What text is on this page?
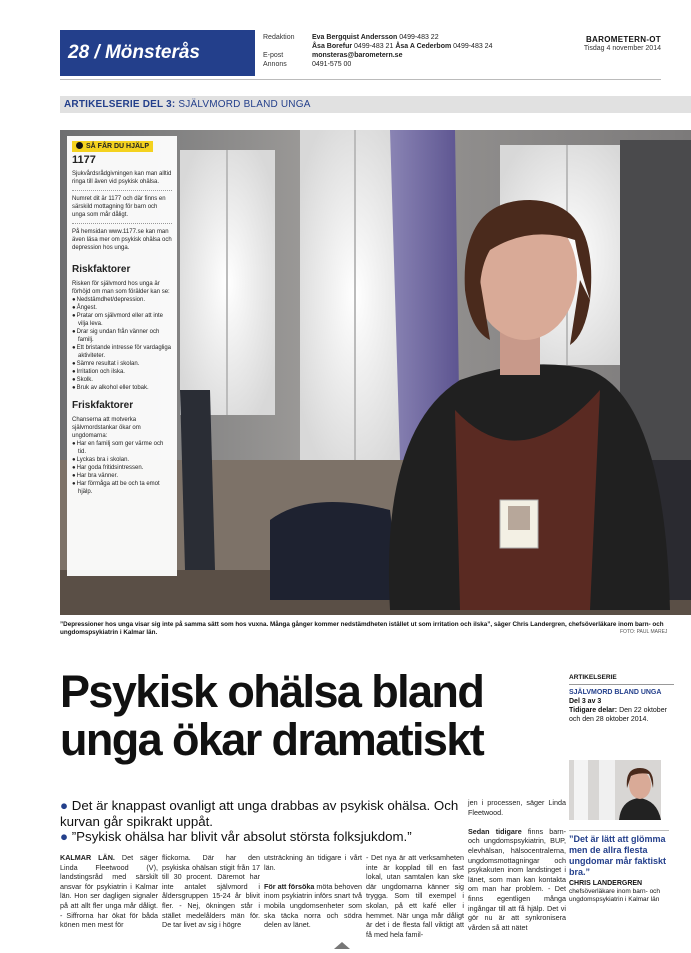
28 / Mönsterås
Redaktion

E-post
Annons
Eva Bergquist Andersson 0499-483 22
Åsa Borefur 0499-483 21 Åsa A Cederbom 0499-483 24
monsteras@barometern.se
0491-575 00
BAROMETERN-OT
Tisdag 4 november 2014
ARTIKELSERIE DEL 3: SJÄLVMORD BLAND UNGA
SÅ FÅR DU HJÄLP
1177

Sjukvårdsrådgivningen kan man alltid ringa till även vid psykisk ohälsa.

Numret dit är 1177 och där finns en särskild mottagning för barn och unga som mår dåligt.

På hemsidan www.1177.se kan man även läsa mer om psykisk ohälsa och depression hos unga.

Riskfaktorer
Risken för självmord hos unga är förhöjd om man som förälder kan se:
● Nedstämdhet/depression.
● Ångest.
● Pratar om självmord eller att inte vilja leva.
● Drar sig undan från vänner och familj.
● Ett bristande intresse för vardagliga aktiviteter.
● Sämre resultat i skolan.
● Irritation och ilska.
● Skolk.
● Bruk av alkohol eller tobak.
Friskfaktorer
Chanserna att motverka självmordstankar ökar om ungdomarna:
● Har en familj som ger värme och tid.
● Lyckas bra i skolan.
● Har goda fritidsintressen.
● Har bra vänner.
● Har förmåga att be och ta emot hjälp.
”Depressioner hos unga visar sig inte på samma sätt som hos vuxna. Många gånger kommer nedstämdheten istället ut som irritation och ilska”, säger Chris Landergren, chefsöverläkare inom barn- och ungdomspsykiatrin i Kalmar län.	FOTO: PAUL MAREJ
Psykisk ohälsa bland unga ökar dramatiskt
ARTIKELSERIE
SJÄLVMORD BLAND UNGA
Del 3 av 3
Tidigare delar: Den 22 oktober och den 28 oktober 2014.
”Det är lätt att glömma men de allra flesta ungdomar mår faktiskt bra.”
CHRIS LANDERGREN
chefsöverläkare inom barn- och ungdomspsykiatrin i Kalmar län
● Det är knappast ovanligt att unga drabbas av psykisk ohälsa. Och kurvan går spikrakt uppåt.
● ”Psykisk ohälsa har blivit vår absolut största folksjukdom.”
KALMAR LÄN. Det säger Linda Fleetwood (V), landstingsråd med särskilt ansvar för psykiatrin i Kalmar län. Hon ser dagligen signaler på att allt fler unga mår dåligt. - Siffrorna har ökat för båda könen men mest för
flickorna. Där har den psykiska ohälsan stigit från 17 till 30 procent. Däremot har inte antalet självmord i åldersgruppen 15-24 år blivit fler. - Nej, ökningen står i stället medelålders män för. De tar livet av sig i högre
utsträckning än tidigare i vårt län.

För att försöka möta behoven inom psykiatrin införs snart två mobila ungdomsenheter som ska täcka norra och södra delen av länet.
- Det nya är att verksamheten inte är kopplad till en fast lokal, utan samtalen kan ske där ungdomarna känner sig trygga. Som till exempel i skolan, på ett kafé eller i hemmet. När unga mår dåligt är det i de flesta fall viktigt att få med hela famil-
jen i processen, säger Linda Fleetwood.

Sedan tidigare finns barn- och ungdomspsykiatrin, BUP, elevhälsan, hälsocentralerna, ungdomsmottagningar och psykakuten inom landstinget i länet, som man kan kontakta om man har problem. - Det finns egentligen många ingångar till att få hjälp. Det vi gör nu är att synkronisera vården så att nätet
